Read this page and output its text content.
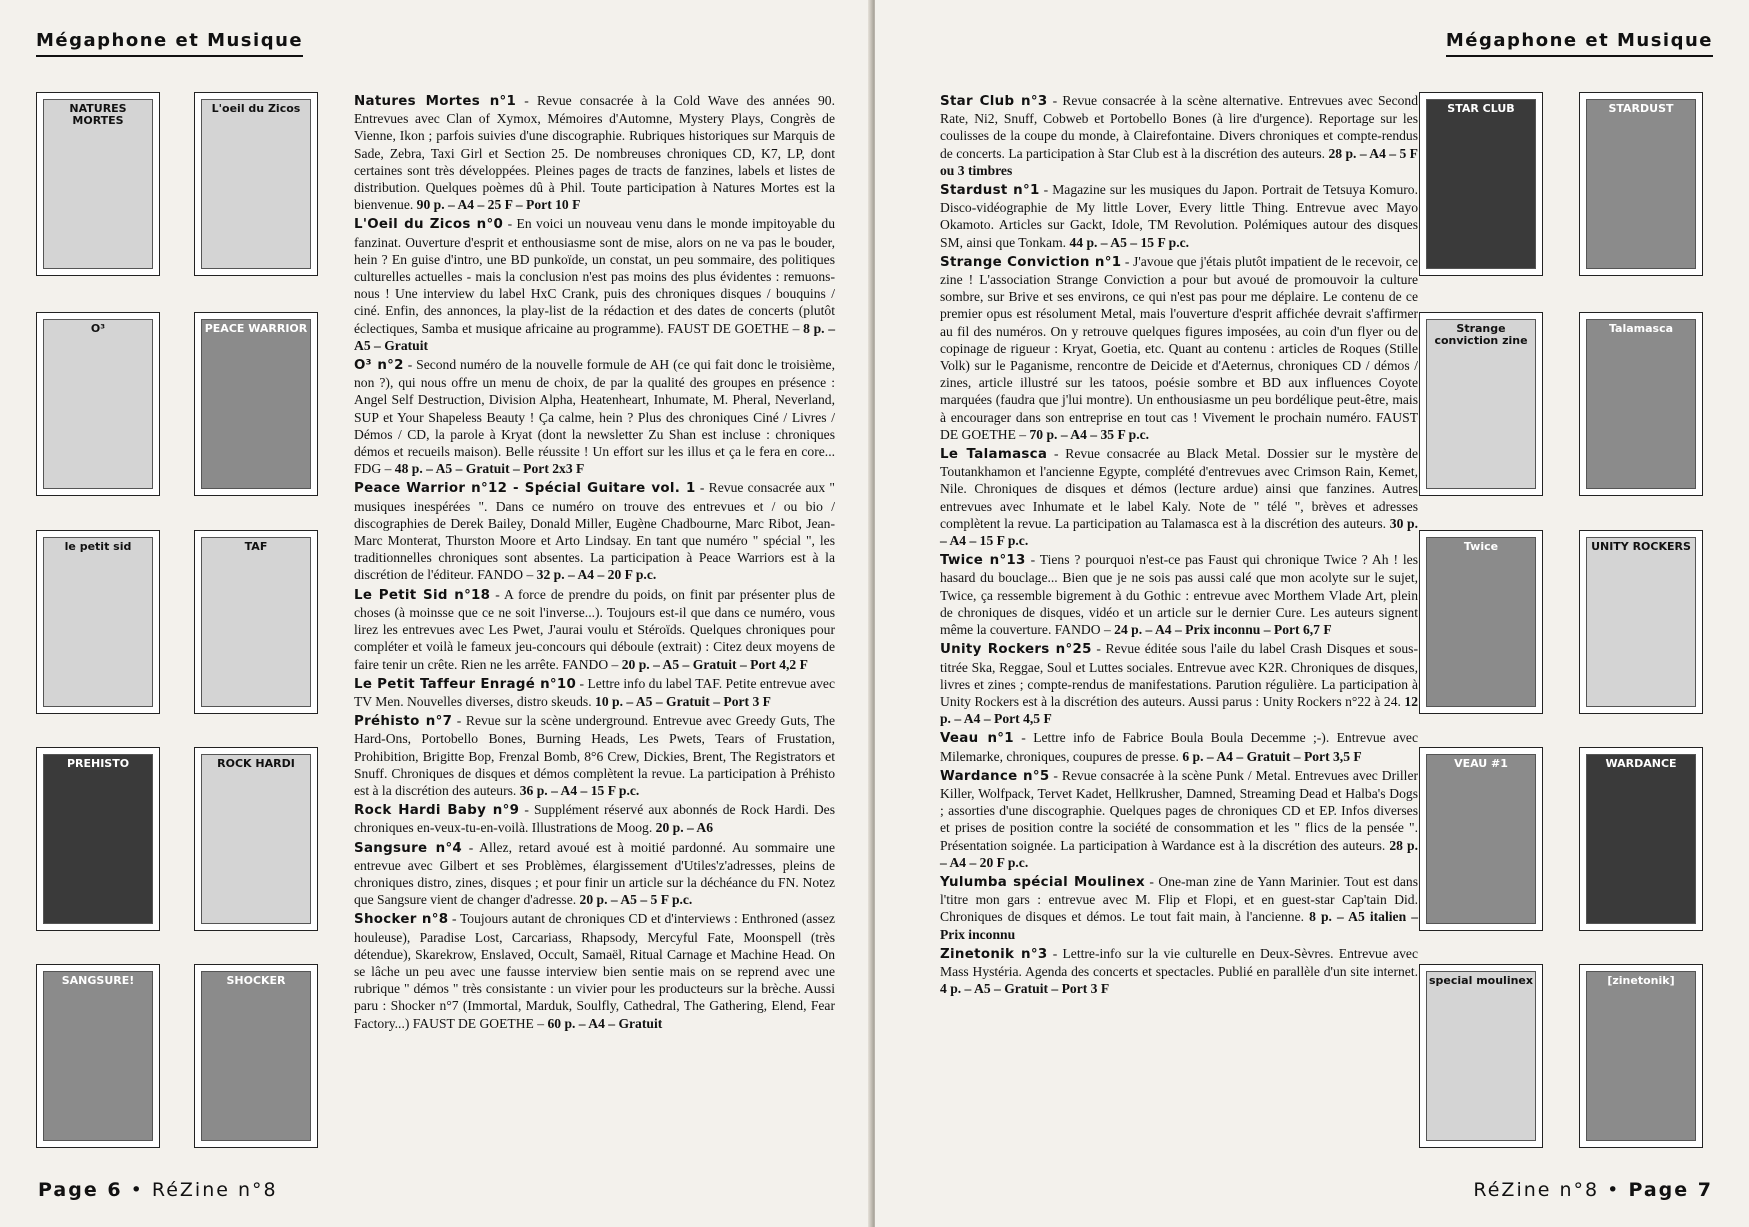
Mégaphone et Musique
NATURES MORTES
L'oeil du Zicos
O³	PEACE WARRIOR
le petit sid	TAF
PREHISTO	ROCK HARDI
SANGSURE!	SHOCKER
Natures Mortes n°1 - Revue consacrée à la Cold Wave des années 90. Entrevues avec Clan of Xymox, Mémoires d'Automne, Mystery Plays, Congrès de Vienne, Ikon ; parfois suivies d'une discographie. Rubriques historiques sur Marquis de Sade, Zebra, Taxi Girl et Section 25. De nombreuses chroniques CD, K7, LP, dont certaines sont très développées. Pleines pages de tracts de fanzines, labels et listes de distribution. Quelques poèmes dû à Phil. Toute participation à Natures Mortes est la bienvenue. 90 p. – A4 – 25 F – Port 10 F
L'Oeil du Zicos n°0 - En voici un nouveau venu dans le monde impitoyable du fanzinat. Ouverture d'esprit et enthousiasme sont de mise, alors on ne va pas le bouder, hein ? En guise d'intro, une BD punkoïde, un constat, un peu sommaire, des politiques culturelles actuelles - mais la conclusion n'est pas moins des plus évidentes : remuons-nous ! Une interview du label HxC Crank, puis des chroniques disques / bouquins / ciné. Enfin, des annonces, la play-list de la rédaction et des dates de concerts (plutôt éclectiques, Samba et musique africaine au programme). FAUST DE GOETHE – 8 p. – A5 – Gratuit
O³ n°2 - Second numéro de la nouvelle formule de AH (ce qui fait donc le troisième, non ?), qui nous offre un menu de choix, de par la qualité des groupes en présence : Angel Self Destruction, Division Alpha, Heatenheart, Inhumate, M. Pheral, Neverland, SUP et Your Shapeless Beauty ! Ça calme, hein ? Plus des chroniques Ciné / Livres / Démos / CD, la parole à Kryat (dont la newsletter Zu Shan est incluse : chroniques démos et recueils maison). Belle réussite ! Un effort sur les illus et ça le fera en core... FDG – 48 p. – A5 – Gratuit – Port 2x3 F
Peace Warrior n°12 - Spécial Guitare vol. 1 - Revue consacrée aux " musiques inespérées ". Dans ce numéro on trouve des entrevues et / ou bio / discographies de Derek Bailey, Donald Miller, Eugène Chadbourne, Marc Ribot, Jean-Marc Monterat, Thurston Moore et Arto Lindsay. En tant que numéro " spécial ", les traditionnelles chroniques sont absentes. La participation à Peace Warriors est à la discrétion de l'éditeur. FANDO – 32 p. – A4 – 20 F p.c.
Le Petit Sid n°18 - A force de prendre du poids, on finit par présenter plus de choses (à moinsse que ce ne soit l'inverse...). Toujours est-il que dans ce numéro, vous lirez les entrevues avec Les Pwet, J'aurai voulu et Stéroïds. Quelques chroniques pour compléter et voilà le fameux jeu-concours qui déboule (extrait) : Citez deux moyens de faire tenir un crête. Rien ne les arrête. FANDO – 20 p. – A5 – Gratuit – Port 4,2 F
Le Petit Taffeur Enragé n°10 - Lettre info du label TAF. Petite entrevue avec TV Men. Nouvelles diverses, distro skeuds. 10 p. – A5 – Gratuit – Port 3 F
Préhisto n°7 - Revue sur la scène underground. Entrevue avec Greedy Guts, The Hard-Ons, Portobello Bones, Burning Heads, Les Pwets, Tears of Frustation, Prohibition, Brigitte Bop, Frenzal Bomb, 8°6 Crew, Dickies, Brent, The Registrators et Snuff. Chroniques de disques et démos complètent la revue. La participation à Préhisto est à la discrétion des auteurs. 36 p. – A4 – 15 F p.c.
Rock Hardi Baby n°9 - Supplément réservé aux abonnés de Rock Hardi. Des chroniques en-veux-tu-en-voilà. Illustrations de Moog. 20 p. – A6
Sangsure n°4 - Allez, retard avoué est à moitié pardonné. Au sommaire une entrevue avec Gilbert et ses Problèmes, élargissement d'Utiles'z'adresses, pleins de chroniques distro, zines, disques ; et pour finir un article sur la déchéance du FN. Notez que Sangsure vient de changer d'adresse. 20 p. – A5 – 5 F p.c.
Shocker n°8 - Toujours autant de chroniques CD et d'interviews : Enthroned (assez houleuse), Paradise Lost, Carcariass, Rhapsody, Mercyful Fate, Moonspell (très détendue), Skarekrow, Enslaved, Occult, Samaël, Ritual Carnage et Machine Head. On se lâche un peu avec une fausse interview bien sentie mais on se reprend avec une rubrique " démos " très consistante : un vivier pour les producteurs sur la brèche. Aussi paru : Shocker n°7 (Immortal, Marduk, Soulfly, Cathedral, The Gathering, Elend, Fear Factory...) FAUST DE GOETHE – 60 p. – A4 – Gratuit
Page 6 • RéZine n°8
Mégaphone et Musique
Star Club n°3 - Revue consacrée à la scène alternative. Entrevues avec Second Rate, Ni2, Snuff, Cobweb et Portobello Bones (à lire d'urgence). Reportage sur les coulisses de la coupe du monde, à Clairefontaine. Divers chroniques et compte-rendus de concerts. La participation à Star Club est à la discrétion des auteurs. 28 p. – A4 – 5 F ou 3 timbres
Stardust n°1 - Magazine sur les musiques du Japon. Portrait de Tetsuya Komuro. Disco-vidéographie de My little Lover, Every little Thing. Entrevue avec Mayo Okamoto. Articles sur Gackt, Idole, TM Revolution. Polémiques autour des disques SM, ainsi que Tonkam. 44 p. – A5 – 15 F p.c.
Strange Conviction n°1 - J'avoue que j'étais plutôt impatient de le recevoir, ce zine ! L'association Strange Conviction a pour but avoué de promouvoir la culture sombre, sur Brive et ses environs, ce qui n'est pas pour me déplaire. Le contenu de ce premier opus est résolument Metal, mais l'ouverture d'esprit affichée devrait s'affirmer au fil des numéros. On y retrouve quelques figures imposées, au coin d'un flyer ou de copinage de rigueur : Kryat, Goetia, etc. Quant au contenu : articles de Roques (Stille Volk) sur le Paganisme, rencontre de Deicide et d'Aeternus, chroniques CD / démos / zines, article illustré sur les tatoos, poésie sombre et BD aux influences Coyote marquées (faudra que j'lui montre). Un enthousiasme un peu bordélique peut-être, mais à encourager dans son entreprise en tout cas ! Vivement le prochain numéro. FAUST DE GOETHE – 70 p. – A4 – 35 F p.c.
Le Talamasca - Revue consacrée au Black Metal. Dossier sur le mystère de Toutankhamon et l'ancienne Egypte, complété d'entrevues avec Crimson Rain, Kemet, Nile. Chroniques de disques et démos (lecture ardue) ainsi que fanzines. Autres entrevues avec Inhumate et le label Kaly. Note de " télé ", brèves et adresses complètent la revue. La participation au Talamasca est à la discrétion des auteurs. 30 p. – A4 – 15 F p.c.
Twice n°13 - Tiens ? pourquoi n'est-ce pas Faust qui chronique Twice ? Ah ! les hasard du bouclage... Bien que je ne sois pas aussi calé que mon acolyte sur le sujet, Twice, ça ressemble bigrement à du Gothic : entrevue avec Morthem Vlade Art, plein de chroniques de disques, vidéo et un article sur le dernier Cure. Les auteurs signent même la couverture. FANDO – 24 p. – A4 – Prix inconnu – Port 6,7 F
Unity Rockers n°25 - Revue éditée sous l'aile du label Crash Disques et sous-titrée Ska, Reggae, Soul et Luttes sociales. Entrevue avec K2R. Chroniques de disques, livres et zines ; compte-rendus de manifestations. Parution régulière. La participation à Unity Rockers est à la discrétion des auteurs. Aussi parus : Unity Rockers n°22 à 24. 12 p. – A4 – Port 4,5 F
Veau n°1 - Lettre info de Fabrice Boula Boula Decemme ;-). Entrevue avec Milemarke, chroniques, coupures de presse. 6 p. – A4 – Gratuit – Port 3,5 F
Wardance n°5 - Revue consacrée à la scène Punk / Metal. Entrevues avec Driller Killer, Wolfpack, Tervet Kadet, Hellkrusher, Damned, Streaming Dead et Halba's Dogs ; assorties d'une discographie. Quelques pages de chroniques CD et EP. Infos diverses et prises de position contre la société de consommation et les " flics de la pensée ". Présentation soignée. La participation à Wardance est à la discrétion des auteurs. 28 p. – A4 – 20 F p.c.
Yulumba spécial Moulinex - One-man zine de Yann Marinier. Tout est dans l'titre mon gars : entrevue avec M. Flip et Flopi, et en guest-star Cap'tain Did. Chroniques de disques et démos. Le tout fait main, à l'ancienne. 8 p. – A5 italien – Prix inconnu
Zinetonik n°3 - Lettre-info sur la vie culturelle en Deux-Sèvres. Entrevue avec Mass Hystéria. Agenda des concerts et spectacles. Publié en parallèle d'un site internet. 4 p. – A5 – Gratuit – Port 3 F
STAR CLUB	STARDUST
Strange conviction zine
Talamasca
Twice	UNITY ROCKERS
VEAU #1	WARDANCE
special moulinex	[zinetonik]
RéZine n°8 • Page 7
